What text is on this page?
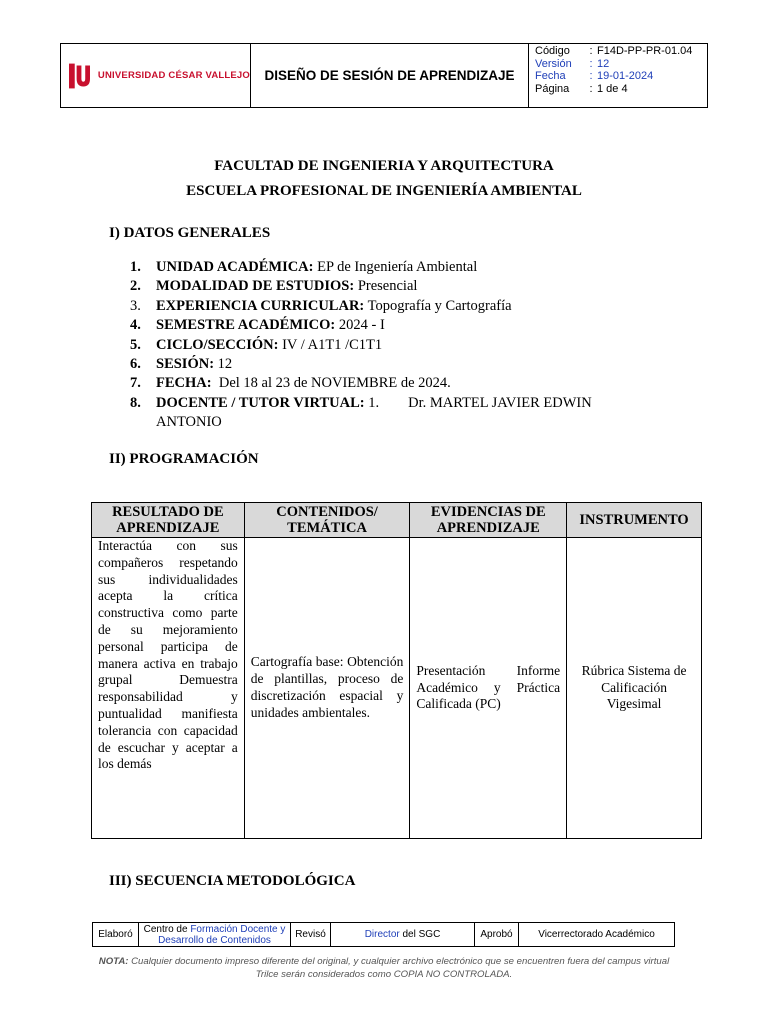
UNIVERSIDAD CÉSAR VALLEJO	DISEÑO DE SESIÓN DE APRENDIZAJE
Código	: F14D-PP-PR-01.04
Versión	: 12
Fecha	: 19-01-2024
Página	: 1 de 4
FACULTAD DE INGENIERIA Y ARQUITECTURA
ESCUELA PROFESIONAL DE INGENIERÍA AMBIENTAL
I) DATOS GENERALES
1.	UNIDAD ACADÉMICA: EP de Ingeniería Ambiental
2.	MODALIDAD DE ESTUDIOS: Presencial
3.	EXPERIENCIA CURRICULAR: Topografía y Cartografía
4.	SEMESTRE ACADÉMICO: 2024 - I
5.	CICLO/SECCIÓN: IV / A1T1 /C1T1
6.	SESIÓN: 12
7.	FECHA:  Del 18 al 23 de NOVIEMBRE de 2024.
8.	DOCENTE / TUTOR VIRTUAL: 1.        Dr. MARTEL JAVIER EDWIN ANTONIO
II) PROGRAMACIÓN
RESULTADO DE APRENDIZAJE	CONTENIDOS/ TEMÁTICA	EVIDENCIAS DE APRENDIZAJE	INSTRUMENTO

Interactúa con sus compañeros respetando sus individualidades acepta la crítica constructiva como parte de su mejoramiento personal participa de manera activa en trabajo grupal Demuestra responsabilidad y puntualidad manifiesta tolerancia con capacidad de escuchar y aceptar a los demás	Cartografía base: Obtención de plantillas, proceso de discretización espacial y unidades ambientales.	Presentación Informe Académico y Práctica Calificada (PC)	Rúbrica Sistema de Calificación Vigesimal
III) SECUENCIA METODOLÓGICA
Elaboró	Centro de Formación Docente y Desarrollo de Contenidos	Revisó	Director del SGC	Aprobó	Vicerrectorado Académico
NOTA: Cualquier documento impreso diferente del original, y cualquier archivo electrónico que se encuentren fuera del campus virtual Trilce serán considerados como COPIA NO CONTROLADA.
